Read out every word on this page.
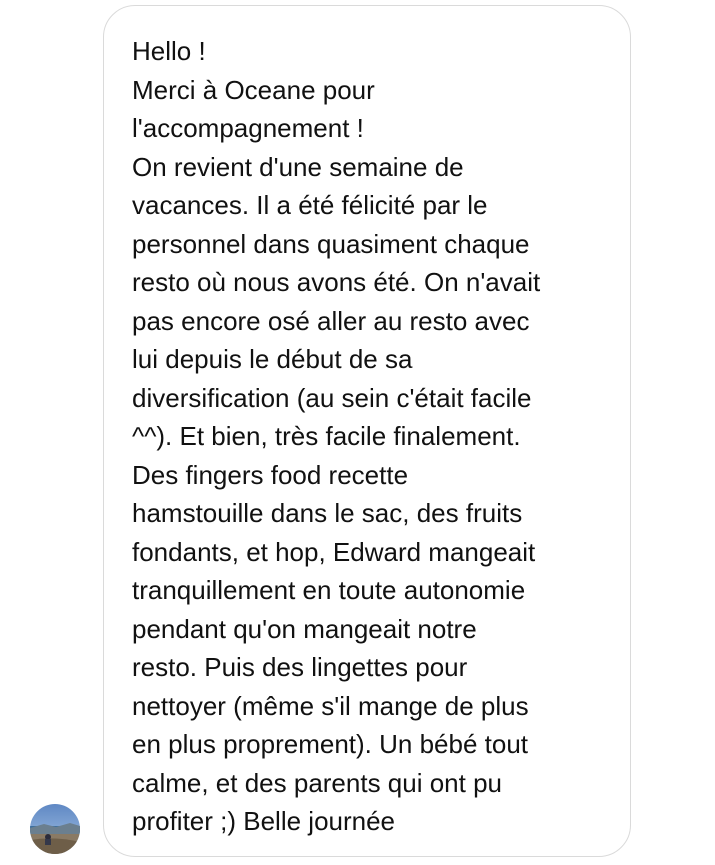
Hello !
Merci à Oceane pour
l'accompagnement !
On revient d'une semaine de
vacances. Il a été félicité par le
personnel dans quasiment chaque
resto où nous avons été. On n'avait
pas encore osé aller au resto avec
lui depuis le début de sa
diversification (au sein c'était facile
^^). Et bien, très facile finalement.
Des fingers food recette
hamstouille dans le sac, des fruits
fondants, et hop, Edward mangeait
tranquillement en toute autonomie
pendant qu'on mangeait notre
resto. Puis des lingettes pour
nettoyer (même s'il mange de plus
en plus proprement). Un bébé tout
calme, et des parents qui ont pu
profiter ;) Belle journée
